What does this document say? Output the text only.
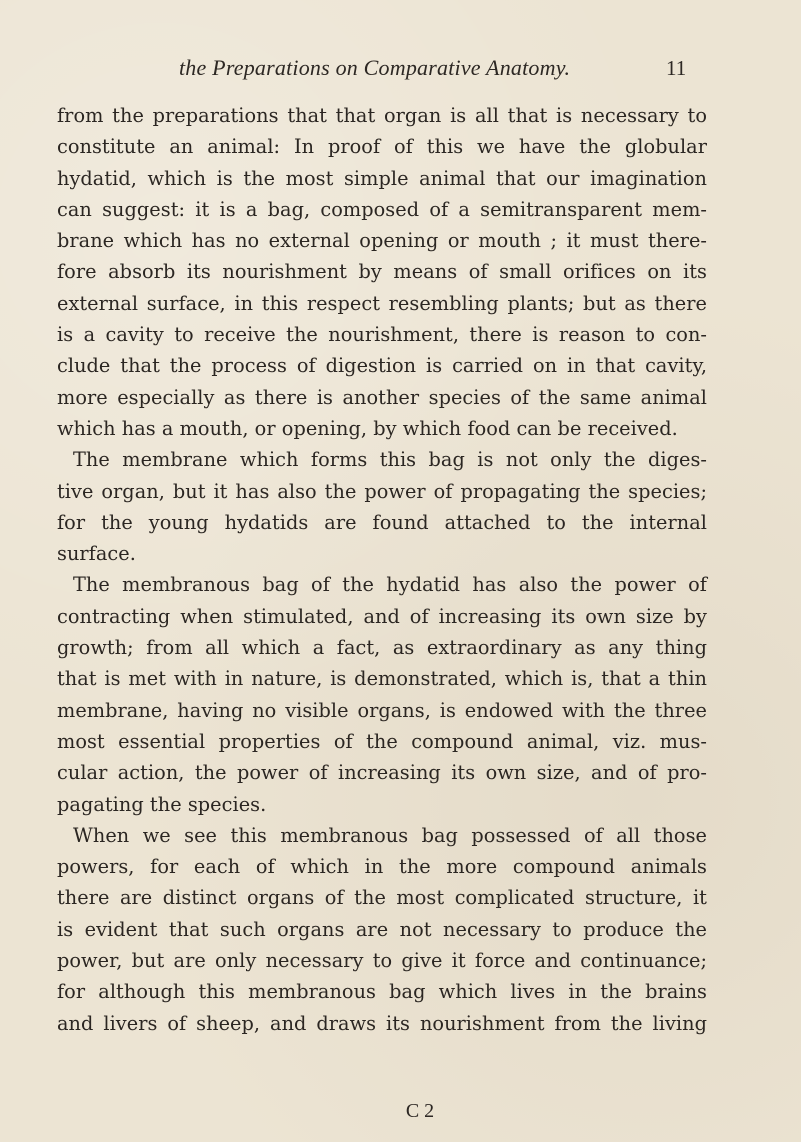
the Preparations on Comparative Anatomy.	11
from the preparations that that organ is all that is necessary to
constitute an animal: In proof of this we have the globular
hydatid, which is the most simple animal that our imagination
can suggest: it is a bag, composed of a semitransparent mem-
brane which has no external opening or mouth ; it must there-
fore absorb its nourishment by means of small orifices on its
external surface, in this respect resembling plants; but as there
is a cavity to receive the nourishment, there is reason to con-
clude that the process of digestion is carried on in that cavity,
more especially as there is another species of the same animal
which has a mouth, or opening, by which food can be received.
The membrane which forms this bag is not only the diges-
tive organ, but it has also the power of propagating the species;
for the young hydatids are found attached to the internal
surface.
The membranous bag of the hydatid has also the power of
contracting when stimulated, and of increasing its own size by
growth; from all which a fact, as extraordinary as any thing
that is met with in nature, is demonstrated, which is, that a thin
membrane, having no visible organs, is endowed with the three
most essential properties of the compound animal, viz. mus-
cular action, the power of increasing its own size, and of pro-
pagating the species.
When we see this membranous bag possessed of all those
powers, for each of which in the more compound animals
there are distinct organs of the most complicated structure, it
is evident that such organs are not necessary to produce the
power, but are only necessary to give it force and continuance;
for although this membranous bag which lives in the brains
and livers of sheep, and draws its nourishment from the living
C 2
